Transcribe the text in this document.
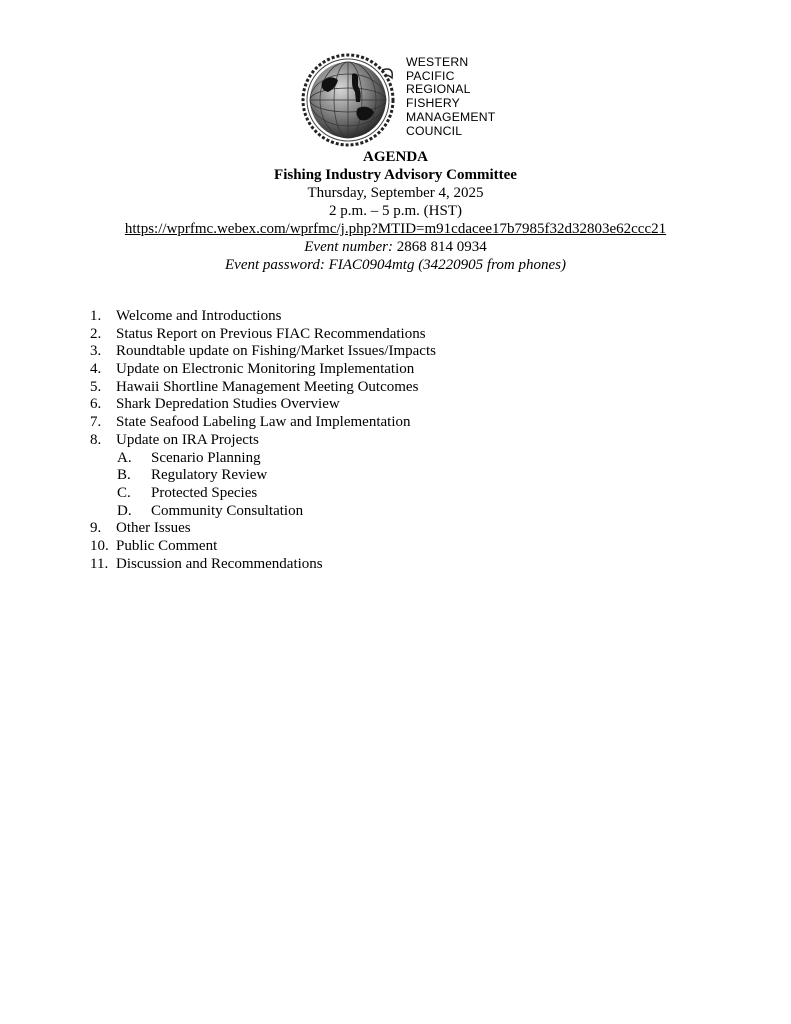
WESTERN
PACIFIC
REGIONAL
FISHERY
MANAGEMENT
COUNCIL
AGENDA
Fishing Industry Advisory Committee
Thursday, September 4, 2025
2 p.m. – 5 p.m. (HST)
https://wprfmc.webex.com/wprfmc/j.php?MTID=m91cdacee17b7985f32d32803e62ccc21
Event number: 2868 814 0934
Event password: FIAC0904mtg (34220905 from phones)
1. Welcome and Introductions
2. Status Report on Previous FIAC Recommendations
3. Roundtable update on Fishing/Market Issues/Impacts
4. Update on Electronic Monitoring Implementation
5. Hawaii Shortline Management Meeting Outcomes
6. Shark Depredation Studies Overview
7. State Seafood Labeling Law and Implementation
8. Update on IRA Projects
A. Scenario Planning
B. Regulatory Review
C. Protected Species
D. Community Consultation
9. Other Issues
10. Public Comment
11. Discussion and Recommendations
